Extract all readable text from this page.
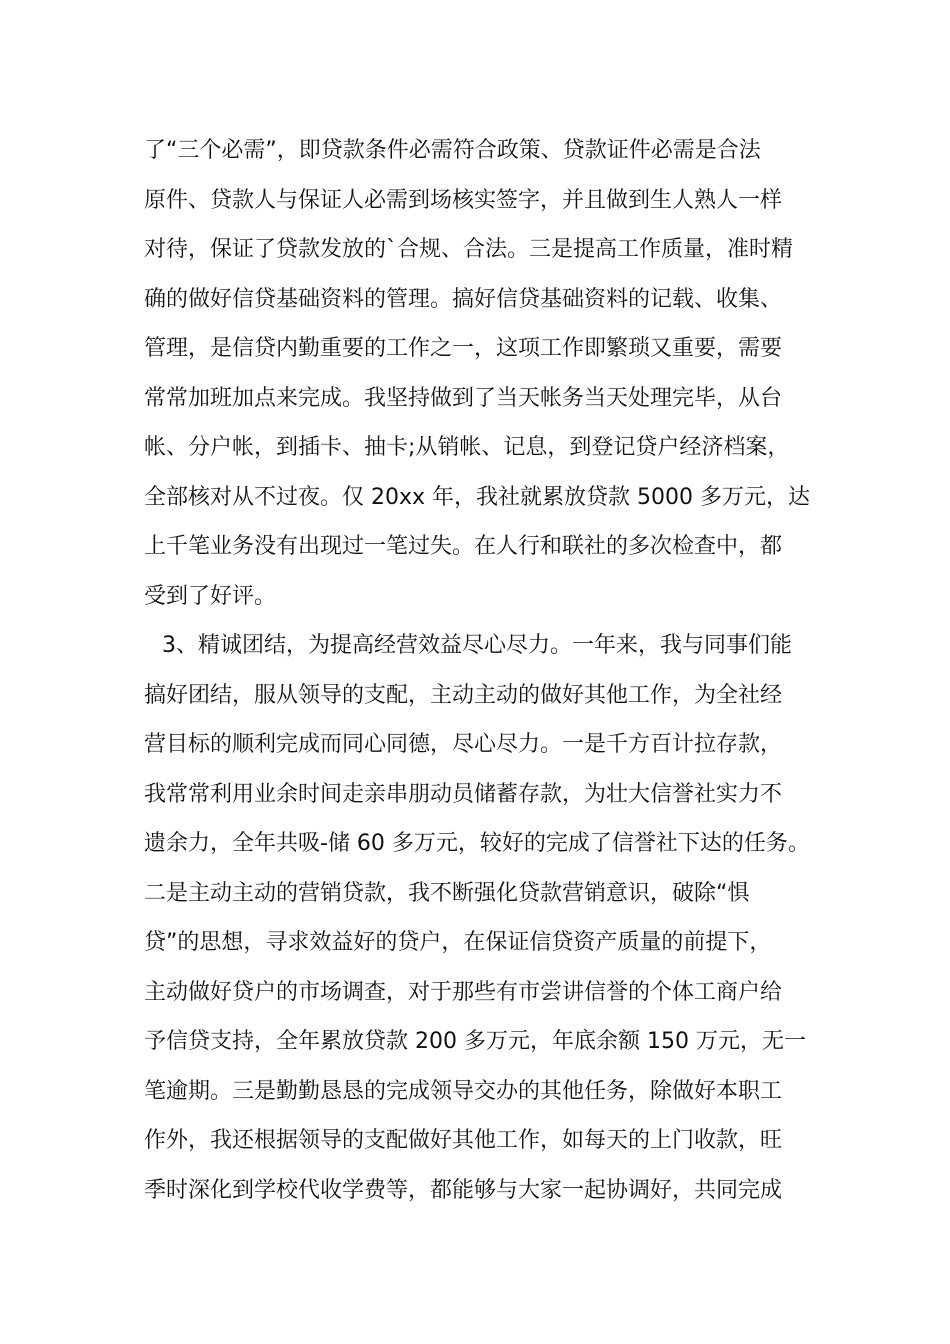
了“三个必需”，即贷款条件必需符合政策、贷款证件必需是合法
原件、贷款人与保证人必需到场核实签字，并且做到生人熟人一样
对待，保证了贷款发放的`合规、合法。三是提高工作质量，准时精
确的做好信贷基础资料的管理。搞好信贷基础资料的记载、收集、
管理，是信贷内勤重要的工作之一，这项工作即繁琐又重要，需要
常常加班加点来完成。我坚持做到了当天帐务当天处理完毕，从台
帐、分户帐，到插卡、抽卡;从销帐、记息，到登记贷户经济档案，
全部核对从不过夜。仅 20xx 年，我社就累放贷款 5000 多万元，达
上千笔业务没有出现过一笔过失。在人行和联社的多次检查中，都
受到了好评。
3、精诚团结，为提高经营效益尽心尽力。一年来，我与同事们能
搞好团结，服从领导的支配，主动主动的做好其他工作，为全社经
营目标的顺利完成而同心同德，尽心尽力。一是千方百计拉存款，
我常常利用业余时间走亲串朋动员储蓄存款，为壮大信誉社实力不
遗余力，全年共吸-储 60 多万元，较好的完成了信誉社下达的任务。
二是主动主动的营销贷款，我不断强化贷款营销意识，破除“惧
贷”的思想，寻求效益好的贷户，在保证信贷资产质量的前提下，
主动做好贷户的市场调查，对于那些有市尝讲信誉的个体工商户给
予信贷支持，全年累放贷款 200 多万元，年底余额 150 万元，无一
笔逾期。三是勤勤恳恳的完成领导交办的其他任务，除做好本职工
作外，我还根据领导的支配做好其他工作，如每天的上门收款，旺
季时深化到学校代收学费等，都能够与大家一起协调好，共同完成
